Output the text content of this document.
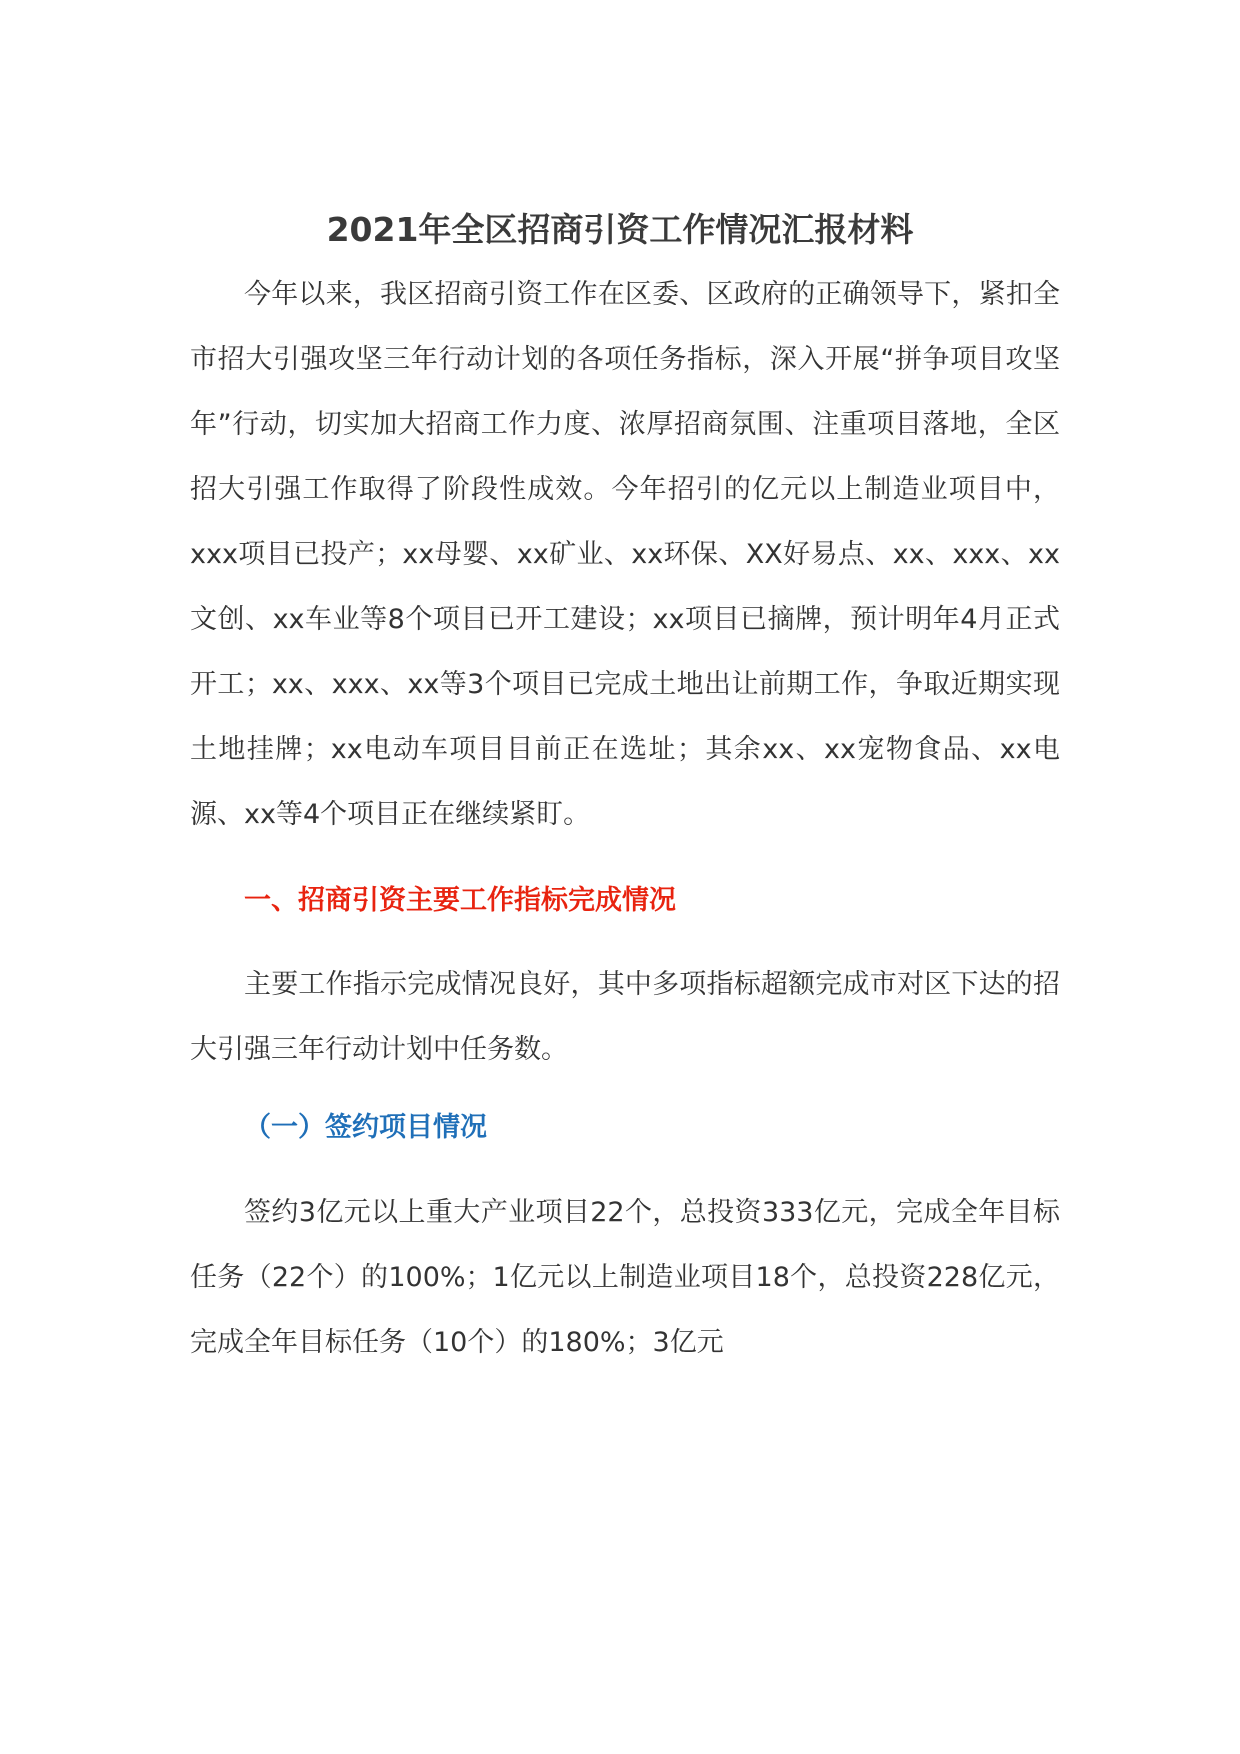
2021年全区招商引资工作情况汇报材料

今年以来，我区招商引资工作在区委、区政府的正确领导下，紧扣全市招大引强攻坚三年行动计划的各项任务指标，深入开展“拼争项目攻坚年”行动，切实加大招商工作力度、浓厚招商氛围、注重项目落地，全区招大引强工作取得了阶段性成效。今年招引的亿元以上制造业项目中，xxx项目已投产；xx母婴、xx矿业、xx环保、XX好易点、xx、xxx、xx文创、xx车业等8个项目已开工建设；xx项目已摘牌，预计明年4月正式开工；xx、xxx、xx等3个项目已完成土地出让前期工作，争取近期实现土地挂牌；xx电动车项目目前正在选址；其余xx、xx宠物食品、xx电源、xx等4个项目正在继续紧盯。

一、招商引资主要工作指标完成情况

主要工作指示完成情况良好，其中多项指标超额完成市对区下达的招大引强三年行动计划中任务数。

（一）签约项目情况

签约3亿元以上重大产业项目22个，总投资333亿元，完成全年目标任务（22个）的100%；1亿元以上制造业项目18个，总投资228亿元，完成全年目标任务（10个）的180%；3亿元
